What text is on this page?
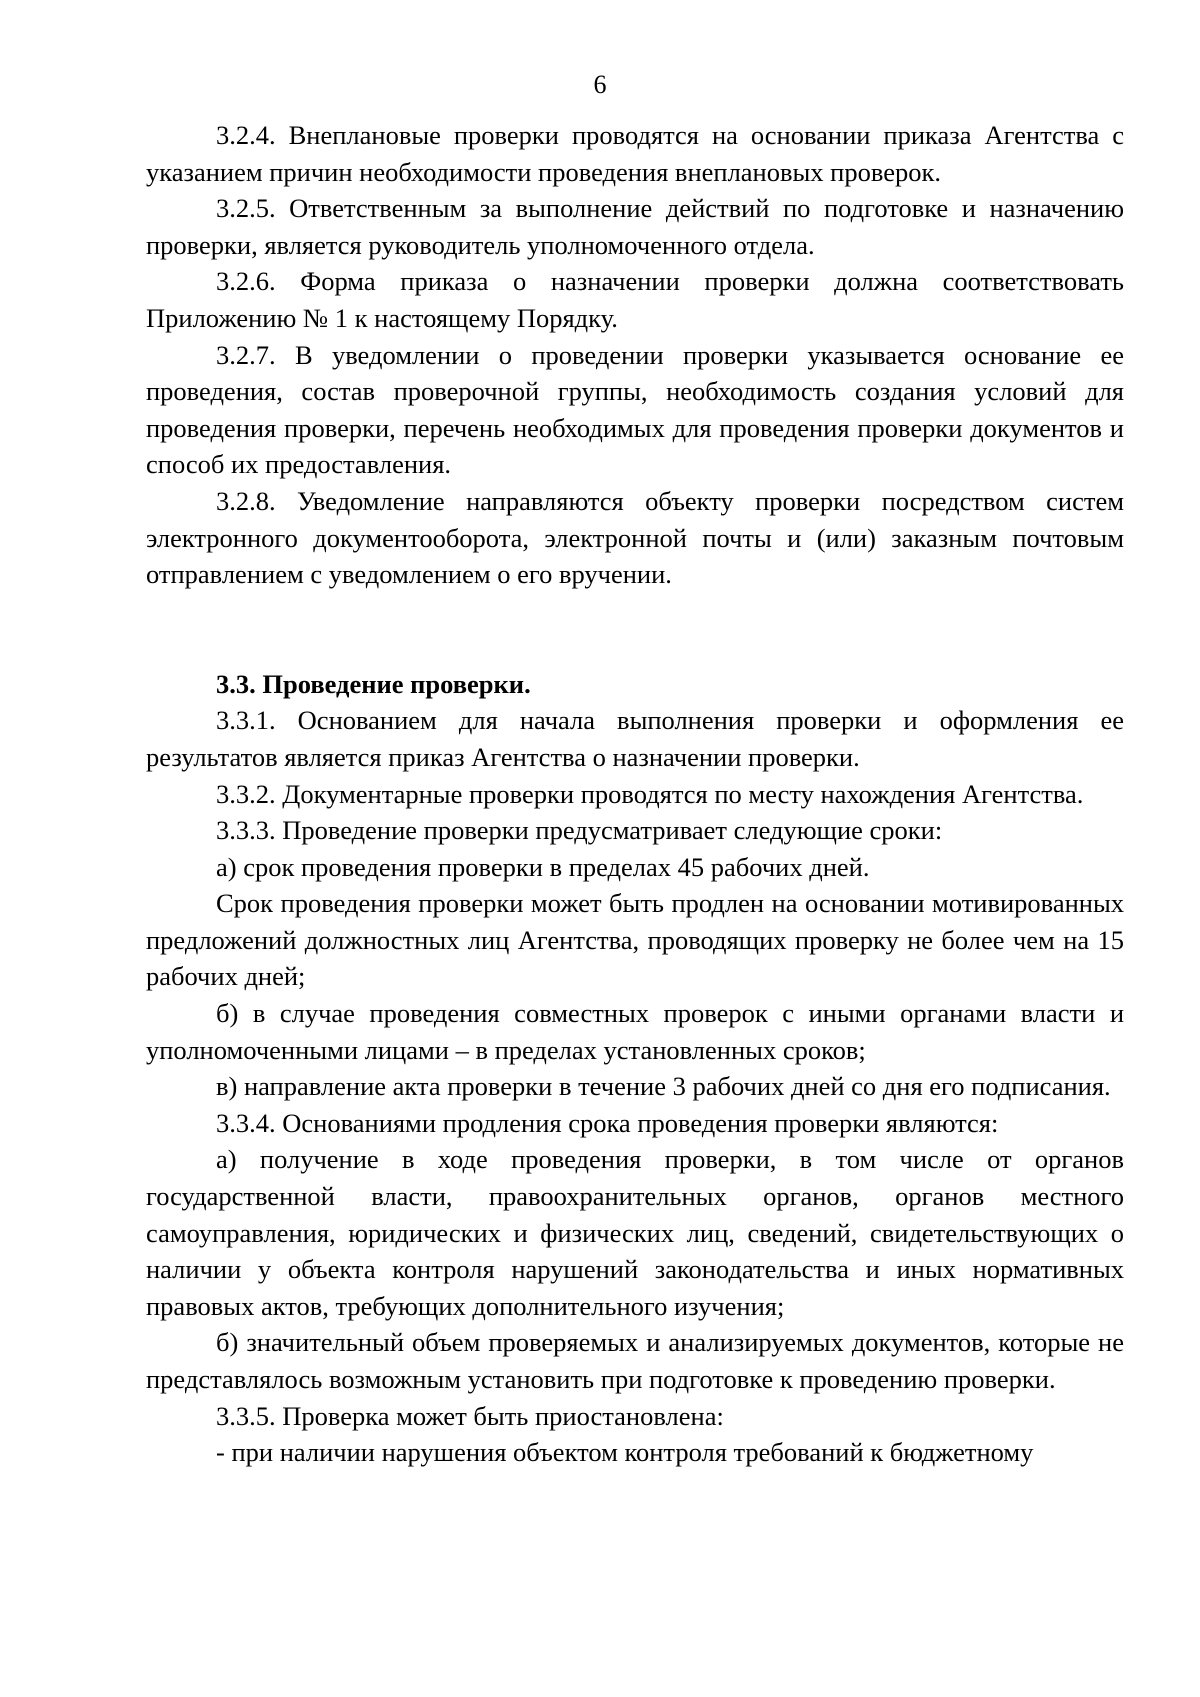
6

3.2.4. Внеплановые проверки проводятся на основании приказа Агентства с указанием причин необходимости проведения внеплановых проверок.

3.2.5. Ответственным за выполнение действий по подготовке и назначению проверки, является руководитель уполномоченного отдела.

3.2.6. Форма приказа о назначении проверки должна соответствовать Приложению № 1 к настоящему Порядку.

3.2.7. В уведомлении о проведении проверки указывается основание ее проведения, состав проверочной группы, необходимость создания условий для проведения проверки, перечень необходимых для проведения проверки документов и способ их предоставления.

3.2.8. Уведомление направляются объекту проверки посредством систем электронного документооборота, электронной почты и (или) заказным почтовым отправлением с уведомлением о его вручении.

3.3. Проведение проверки.

3.3.1. Основанием для начала выполнения проверки и оформления ее результатов является приказ Агентства о назначении проверки.

3.3.2. Документарные проверки проводятся по месту нахождения Агентства.

3.3.3. Проведение проверки предусматривает следующие сроки:

а) срок проведения проверки в пределах 45 рабочих дней.

Срок проведения проверки может быть продлен на основании мотивированных предложений должностных лиц Агентства, проводящих проверку не более чем на 15 рабочих дней;

б) в случае проведения совместных проверок с иными органами власти и уполномоченными лицами – в пределах установленных сроков;

в) направление акта проверки в течение 3 рабочих дней со дня его подписания.

3.3.4. Основаниями продления срока проведения проверки являются:

а) получение в ходе проведения проверки, в том числе от органов государственной власти, правоохранительных органов, органов местного самоуправления, юридических и физических лиц, сведений, свидетельствующих о наличии у объекта контроля нарушений законодательства и иных нормативных правовых актов, требующих дополнительного изучения;

б) значительный объем проверяемых и анализируемых документов, которые не представлялось возможным установить при подготовке к проведению проверки.

3.3.5. Проверка может быть приостановлена:

- при наличии нарушения объектом контроля требований к бюджетному
